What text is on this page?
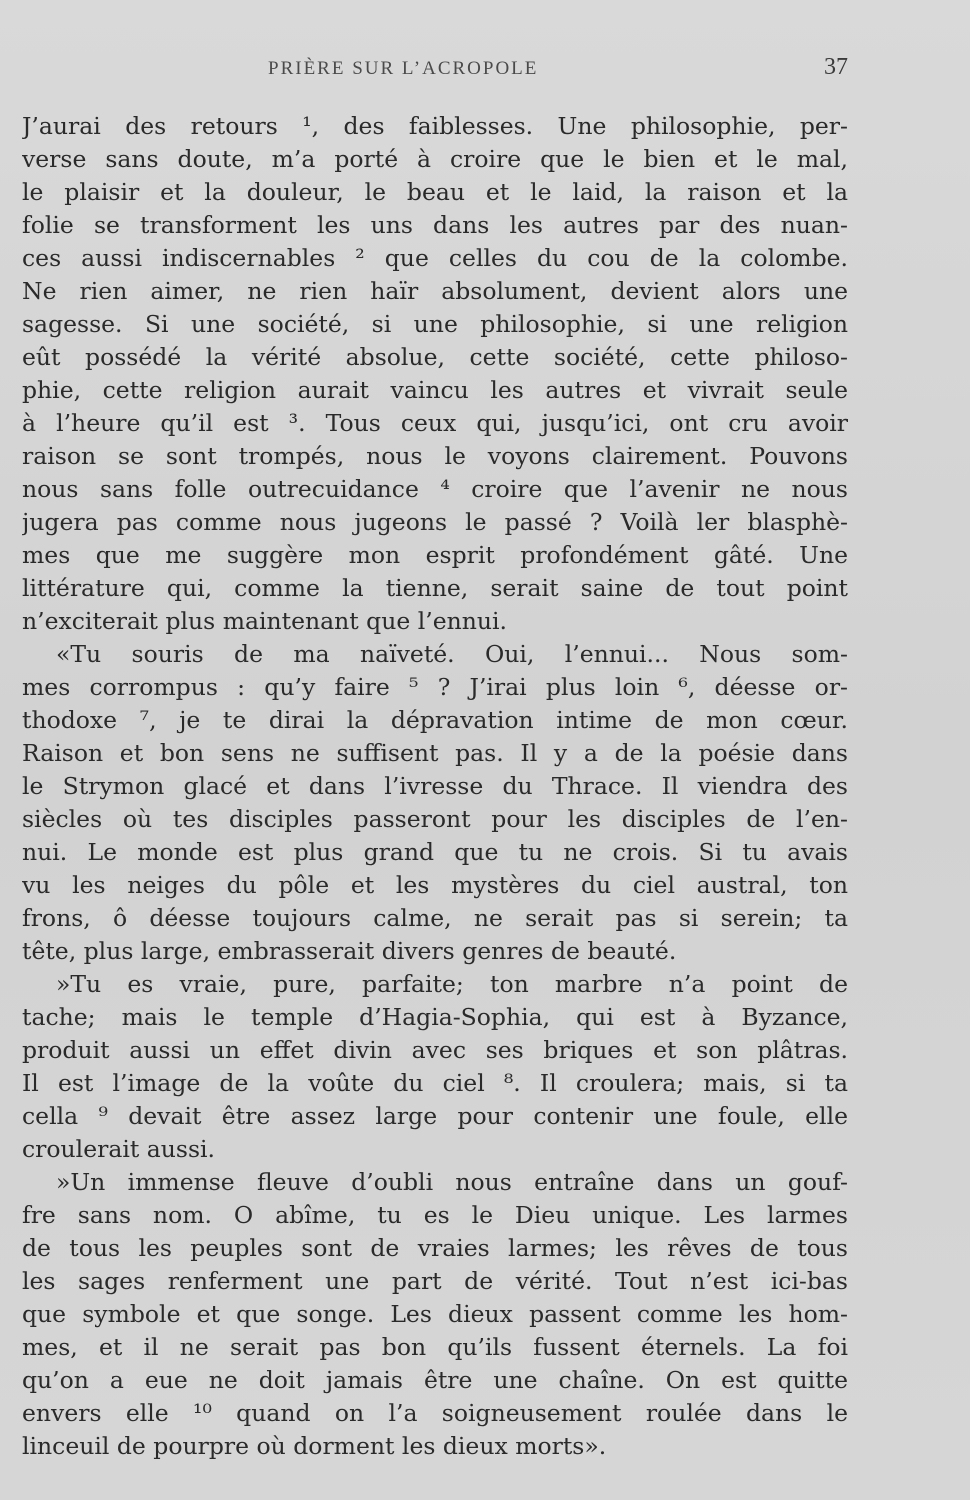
PRIÈRE SUR L’ACROPOLE	37
J’aurai des retours ¹, des faiblesses. Une philosophie, per-
verse sans doute, m’a porté à croire que le bien et le mal,
le plaisir et la douleur, le beau et le laid, la raison et la
folie se transforment les uns dans les autres par des nuan-
ces aussi indiscernables ² que celles du cou de la colombe.
Ne rien aimer, ne rien haïr absolument, devient alors une
sagesse. Si une société, si une philosophie, si une religion
eût possédé la vérité absolue, cette société, cette philoso-
phie, cette religion aurait vaincu les autres et vivrait seule
à l’heure qu’il est ³. Tous ceux qui, jusqu’ici, ont cru avoir
raison se sont trompés, nous le voyons clairement. Pouvons
nous sans folle outrecuidance ⁴ croire que l’avenir ne nous
jugera pas comme nous jugeons le passé ? Voilà ler blasphè-
mes que me suggère mon esprit profondément gâté. Une
littérature qui, comme la tienne, serait saine de tout point
n’exciterait plus maintenant que l’ennui.
«Tu souris de ma naïveté. Oui, l’ennui... Nous som-
mes corrompus : qu’y faire ⁵ ? J’irai plus loin ⁶, déesse or-
thodoxe ⁷, je te dirai la dépravation intime de mon cœur.
Raison et bon sens ne suffisent pas. Il y a de la poésie dans
le Strymon glacé et dans l’ivresse du Thrace. Il viendra des
siècles où tes disciples passeront pour les disciples de l’en-
nui. Le monde est plus grand que tu ne crois. Si tu avais
vu les neiges du pôle et les mystères du ciel austral, ton
frons, ô déesse toujours calme, ne serait pas si serein; ta
tête, plus large, embrasserait divers genres de beauté.
»Tu es vraie, pure, parfaite; ton marbre n’a point de
tache; mais le temple d’Hagia-Sophia, qui est à Byzance,
produit aussi un effet divin avec ses briques et son plâtras.
Il est l’image de la voûte du ciel ⁸. Il croulera; mais, si ta
cella ⁹ devait être assez large pour contenir une foule, elle
croulerait aussi.
»Un immense fleuve d’oubli nous entraîne dans un gouf-
fre sans nom. O abîme, tu es le Dieu unique. Les larmes
de tous les peuples sont de vraies larmes; les rêves de tous
les sages renferment une part de vérité. Tout n’est ici-bas
que symbole et que songe. Les dieux passent comme les hom-
mes, et il ne serait pas bon qu’ils fussent éternels. La foi
qu’on a eue ne doit jamais être une chaîne. On est quitte
envers elle ¹⁰ quand on l’a soigneusement roulée dans le
linceuil de pourpre où dorment les dieux morts».
